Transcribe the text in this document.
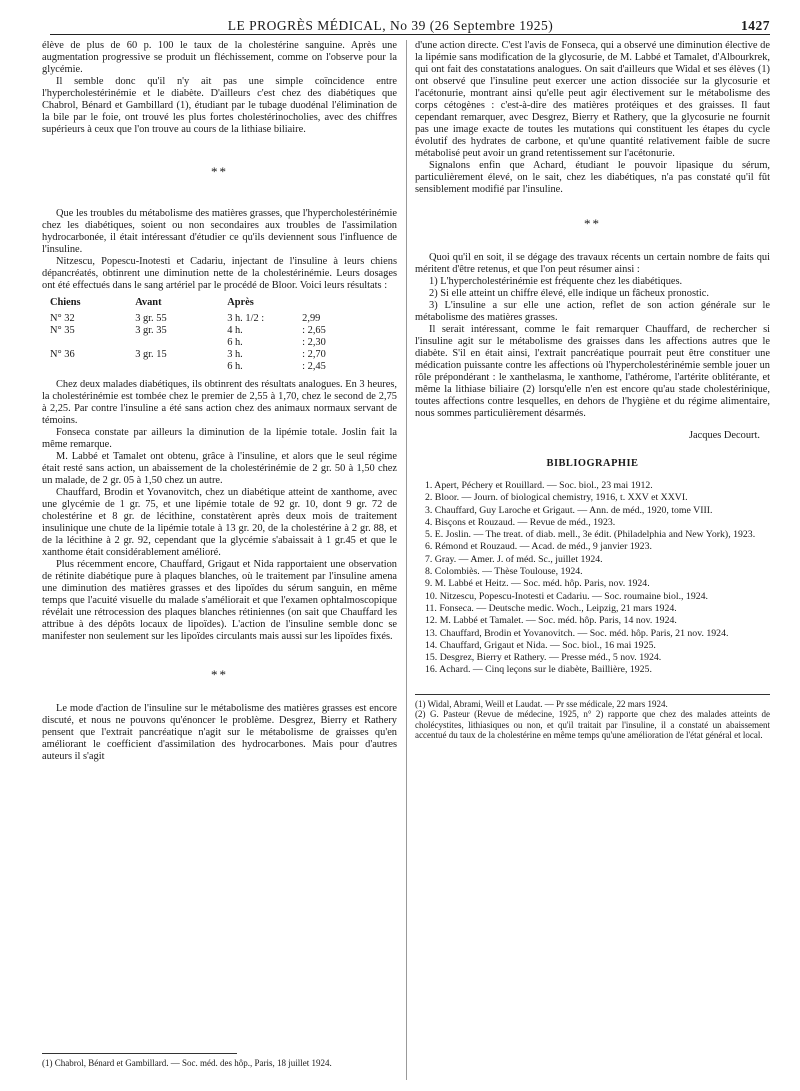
LE PROGRÈS MÉDICAL, No 39 (26 Septembre 1925)	1427

élève de plus de 60 p. 100 le taux de la cholestérine sanguine. Après une augmentation progressive se produit un fléchissement, comme on l'observe pour la glycémie.

Il semble donc qu'il n'y ait pas une simple coïncidence entre l'hypercholestérinémie et le diabète. D'ailleurs c'est chez des diabétiques que Chabrol, Bénard et Gambillard (1), étudiant par le tubage duodénal l'élimination de la bile par le foie, ont trouvé les plus fortes cholestérinocholies, avec des chiffres supérieurs à ceux que l'on trouve au cours de la lithiase biliaire.

**

Que les troubles du métabolisme des matières grasses, que l'hypercholestérinémie chez les diabétiques, soient ou non secondaires aux troubles de l'assimilation hydrocarbonée, il était intéressant d'étudier ce qu'ils deviennent sous l'influence de l'insuline.

Nitzescu, Popescu-Inotesti et Cadariu, injectant de l'insuline à leurs chiens dépancréatés, obtinrent une diminution nette de la cholestérinémie. Leurs dosages ont été effectués dans le sang artériel par le procédé de Bloor. Voici leurs résultats :

Chiens	Avant	Après	
N° 32	3 gr. 55	3 h. 1/2 :	2,99
N° 35	3 gr. 35	4 h.	: 2,65
		6 h.	: 2,30
N° 36	3 gr. 15	3 h.	: 2,70
		6 h.	: 2,45

Chez deux malades diabétiques, ils obtinrent des résultats analogues. En 3 heures, la cholestérinémie est tombée chez le premier de 2,55 à 1,70, chez le second de 2,75 à 2,25. Par contre l'insuline a été sans action chez des animaux normaux servant de témoins.

Fonseca constate par ailleurs la diminution de la lipémie totale. Joslin fait la même remarque.

M. Labbé et Tamalet ont obtenu, grâce à l'insuline, et alors que le seul régime était resté sans action, un abaissement de la cholestérinémie de 2 gr. 50 à 1,50 chez un malade, de 2 gr. 05 à 1,50 chez un autre.

Chauffard, Brodin et Yovanovitch, chez un diabétique atteint de xanthome, avec une glycémie de 1 gr. 75, et une lipémie totale de 92 gr. 10, dont 9 gr. 72 de cholestérine et 8 gr. de lécithine, constatèrent après deux mois de traitement insulinique une chute de la lipémie totale à 13 gr. 20, de la cholestérine à 2 gr. 88, et de la lécithine à 2 gr. 92, cependant que la glycémie s'abaissait à 1 gr.45 et que le xanthome était considérablement amélioré.

Plus récemment encore, Chauffard, Grigaut et Nida rapportaient une observation de rétinite diabétique pure à plaques blanches, où le traitement par l'insuline amena une diminution des matières grasses et des lipoïdes du sérum sanguin, en même temps que l'acuité visuelle du malade s'améliorait et que l'examen ophtalmoscopique révélait une rétrocession des plaques blanches rétiniennes (on sait que Chauffard les attribue à des dépôts locaux de lipoïdes). L'action de l'insuline semble donc se manifester non seulement sur les lipoïdes circulants mais aussi sur les lipoïdes fixés.

**

Le mode d'action de l'insuline sur le métabolisme des matières grasses est encore discuté, et nous ne pouvons qu'énoncer le problème. Desgrez, Bierry et Rathery pensent que l'extrait pancréatique n'agit sur le métabolisme de graisses qu'en améliorant le coefficient d'assimilation des hydrocarbones. Mais pour d'autres auteurs il s'agit

(1) Chabrol, Bénard et Gambillard. — Soc. méd. des hôp., Paris, 18 juillet 1924.

d'une action directe. C'est l'avis de Fonseca, qui a observé une diminution élective de la lipémie sans modification de la glycosurie, de M. Labbé et Tamalet, d'Albourkrek, qui ont fait des constatations analogues. On sait d'ailleurs que Widal et ses élèves (1) ont observé que l'insuline peut exercer une action dissociée sur la glycosurie et l'acétonurie, montrant ainsi qu'elle peut agir électivement sur le métabolisme des corps cétogènes : c'est-à-dire des matières protéiques et des graisses. Il faut cependant remarquer, avec Desgrez, Bierry et Rathery, que la glycosurie ne fournit pas une image exacte de toutes les mutations qui constituent les étapes du cycle évolutif des hydrates de carbone, et qu'une quantité relativement faible de sucre métabolisé peut avoir un grand retentissement sur l'acétonurie.

Signalons enfin que Achard, étudiant le pouvoir lipasique du sérum, particulièrement élevé, on le sait, chez les diabétiques, n'a pas constaté qu'il fût sensiblement modifié par l'insuline.

**

Quoi qu'il en soit, il se dégage des travaux récents un certain nombre de faits qui méritent d'être retenus, et que l'on peut résumer ainsi :

1) L'hypercholestérinémie est fréquente chez les diabétiques.

2) Si elle atteint un chiffre élevé, elle indique un fâcheux pronostic.

3) L'insuline a sur elle une action, reflet de son action générale sur le métabolisme des matières grasses.

Il serait intéressant, comme le fait remarquer Chauffard, de rechercher si l'insuline agit sur le métabolisme des graisses dans les affections autres que le diabète. S'il en était ainsi, l'extrait pancréatique pourrait peut être constituer une médication puissante contre les affections où l'hypercholestérinémie semble jouer un rôle prépondérant : le xanthelasma, le xanthome, l'athérome, l'artérite oblitérante, et même la lithiase biliaire (2) lorsqu'elle n'en est encore qu'au stade cholestérinique, toutes affections contre lesquelles, en dehors de l'hygiène et du régime alimentaire, nous sommes particulièrement désarmés.

Jacques Decourt.
BIBLIOGRAPHIE

1. Apert, Péchery et Rouillard. — Soc. biol., 23 mai 1912.

2. Bloor. — Journ. of biological chemistry, 1916, t. XXV et XXVI.

3. Chauffard, Guy Laroche et Grigaut. — Ann. de méd., 1920, tome VIII.

4. Bisçons et Rouzaud. — Revue de méd., 1923.

5. E. Joslin. — The treat. of diab. mell., 3e édit. (Philadelphia and New York), 1923.

6. Rémond et Rouzaud. — Acad. de méd., 9 janvier 1923.

7. Gray. — Amer. J. of méd. Sc., juillet 1924.

8. Colombiès. — Thèse Toulouse, 1924.

9. M. Labbé et Heitz. — Soc. méd. hôp. Paris, nov. 1924.

10. Nitzescu, Popescu-Inotesti et Cadariu. — Soc. roumaine biol., 1924.

11. Fonseca. — Deutsche medic. Woch., Leipzig, 21 mars 1924.

12. M. Labbé et Tamalet. — Soc. méd. hôp. Paris, 14 nov. 1924.

13. Chauffard, Brodin et Yovanovitch. — Soc. méd. hôp. Paris, 21 nov. 1924.

14. Chauffard, Grigaut et Nida. — Soc. biol., 16 mai 1925.

15. Desgrez, Bierry et Rathery. — Presse méd., 5 nov. 1924.

16. Achard. — Cinq leçons sur le diabète, Baillière, 1925.

(1) Widal, Abrami, Weill et Laudat. — Pr sse médicale, 22 mars 1924.

(2) G. Pasteur (Revue de médecine, 1925, n° 2) rapporte que chez des malades atteints de cholécystites, lithiasiques ou non, et qu'il traitait par l'insuline, il a constaté un abaissement accentué du taux de la cholestérine en même temps qu'une amélioration de l'état général et local.
